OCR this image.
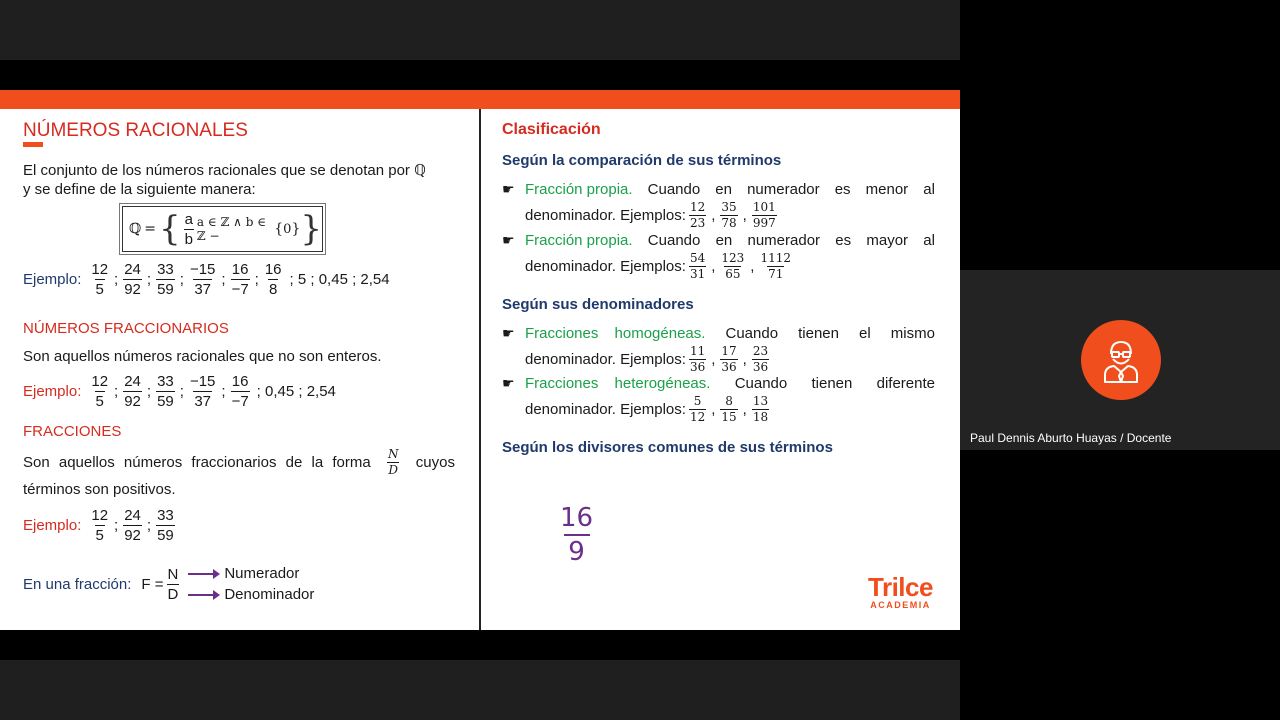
NÚMEROS RACIONALES
El conjunto de los números racionales que se denotan por ℚ
y se define de la siguiente manera:
ℚ = { $\frac{a}{b}$ a ∈ ℤ ∧ b ∈ ℤ −	{ 0 } }
Ejemplo: $\frac{12}{5}$ ; $\frac{24}{92}$ ; $\frac{33}{59}$ ; $\frac{-15}{37}$ ; $\frac{16}{-7}$ ; $\frac{16}{8}$ ; 5 ; 0,45 ; 2,54
NÚMEROS FRACCIONARIOS
Son aquellos números racionales que no son enteros.
Ejemplo: $\frac{12}{5}$ ; $\frac{24}{92}$ ; $\frac{33}{59}$ ; $\frac{-15}{37}$ ; $\frac{16}{-7}$ ; 0,45 ; 2,54
FRACCIONES
Son aquellos números fraccionarios de la forma $\frac{N}{D}$ cuyos
términos son positivos.
Ejemplo: $\frac{12}{5}$ ; $\frac{24}{92}$ ; $\frac{33}{59}$
En una fracción: $F = \frac{N}{D}$	Numerador
Denominador
Clasificación
Según la comparación de sus términos
☛ Fracción propia. Cuando en numerador es menor al
denominador. Ejemplos: $\frac{12}{23}$ , $\frac{35}{78}$ , $\frac{101}{997}$
☛ Fracción propia. Cuando en numerador es mayor al
denominador. Ejemplos: $\frac{54}{31}$ , $\frac{123}{65}$ , $\frac{1112}{71}$
Según sus denominadores
☛ Fracciones homogéneas. Cuando tienen el mismo
denominador. Ejemplos: $\frac{11}{36}$ , $\frac{17}{36}$ , $\frac{23}{36}$
☛ Fracciones heterogéneas. Cuando tienen diferente
denominador. Ejemplos: $\frac{5}{12}$ , $\frac{8}{15}$ , $\frac{13}{18}$
Según los divisores comunes de sus términos
16
9
Trilce
ACADEMIA
Paul Dennis Aburto Huayas / Docente
